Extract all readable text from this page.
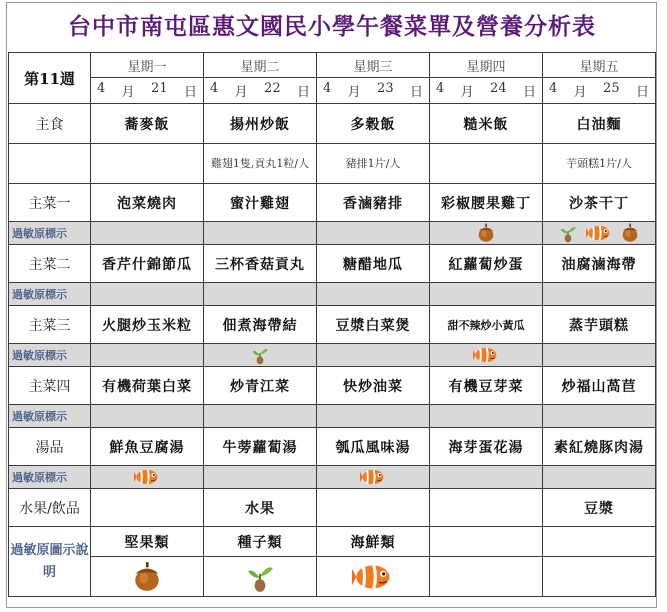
台中市南屯區惠文國民小學午餐菜單及營養分析表
第11週	星期一	星期二	星期三	星期四	星期五

	4 月 21 日	4 月 22 日	4 月 23 日	4 月 24 日	4 月 25 日

主食	蕎麥飯	揚州炒飯	多穀飯	糙米飯	白油麵
		雞翅1隻,貢丸1粒/人	豬排1片/人		芋頭糕1片/人
主菜一	泡菜燒肉	蜜汁雞翅	香滷豬排	彩椒腰果雞丁	沙茶干丁
過敏原標示	

主菜二	香芹什錦節瓜	三杯香菇貢丸	糖醋地瓜	紅蘿蔔炒蛋	油腐滷海帶
過敏原標示	

主菜三	火腿炒玉米粒	佃煮海帶結	豆漿白菜煲	甜不辣炒小黃瓜	蒸芋頭糕
過敏原標示	

主菜四	有機荷葉白菜	炒青江菜	快炒油菜	有機豆芽菜	炒福山萵苣
過敏原標示	

湯品	鮮魚豆腐湯	牛蒡蘿蔔湯	瓠瓜風味湯	海芽蛋花湯	素紅燒豚肉湯
過敏原標示	

水果/飲品		水果			豆漿
過敏原圖示說明	堅果類	種子類	海鮮類		
